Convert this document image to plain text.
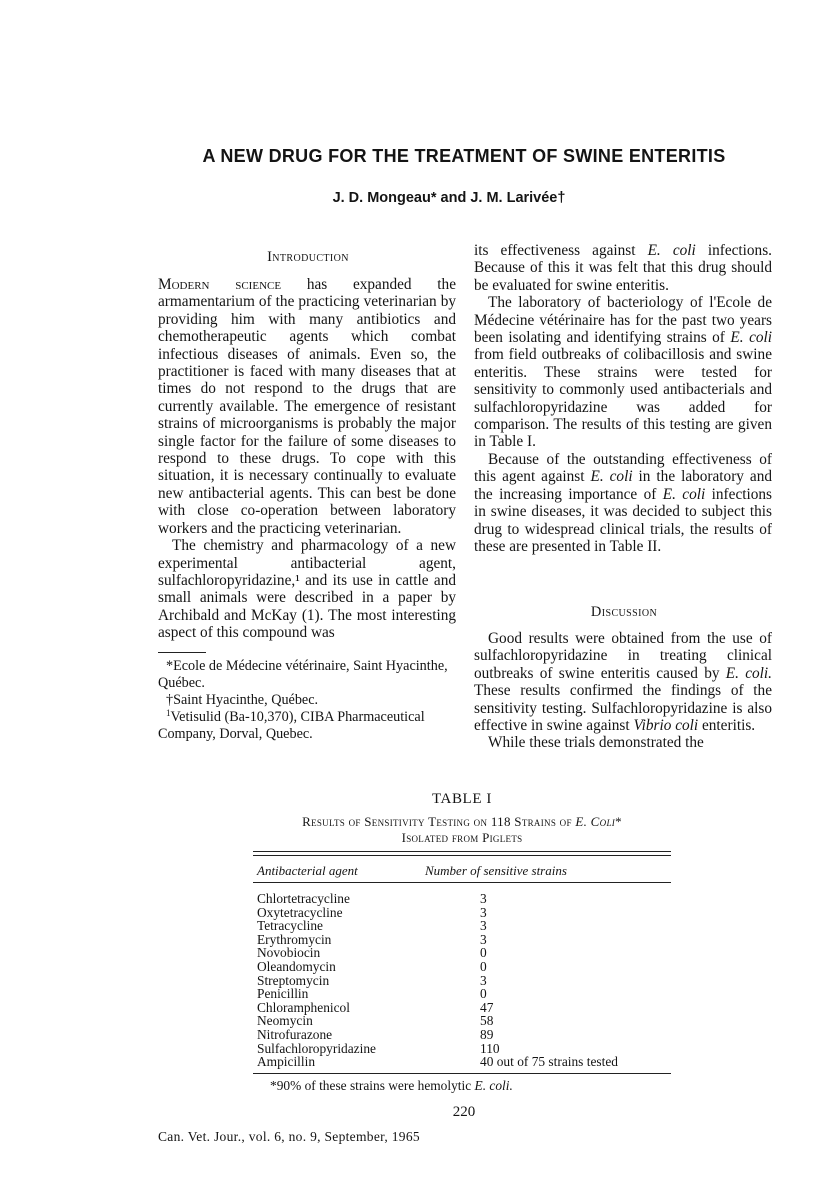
A NEW DRUG FOR THE TREATMENT OF SWINE ENTERITIS
J. D. Mongeau* and J. M. Larivée†
Introduction

Modern science has expanded the armamentarium of the practicing veterinarian by providing him with many antibiotics and chemotherapeutic agents which combat infectious diseases of animals. Even so, the practitioner is faced with many diseases that at times do not respond to the drugs that are currently available. The emergence of resistant strains of microorganisms is probably the major single factor for the failure of some diseases to respond to these drugs. To cope with this situation, it is necessary continually to evaluate new antibacterial agents. This can best be done with close co-operation between laboratory workers and the practicing veterinarian.

The chemistry and pharmacology of a new experimental antibacterial agent, sulfachloropyridazine,¹ and its use in cattle and small animals were described in a paper by Archibald and McKay (1). The most interesting aspect of this compound was

*Ecole de Médecine vétérinaire, Saint Hyacinthe, Québec.

†Saint Hyacinthe, Québec.

$^1$Vetisulid (Ba-10,370), CIBA Pharmaceutical Company, Dorval, Quebec.

its effectiveness against E. coli infections. Because of this it was felt that this drug should be evaluated for swine enteritis.

The laboratory of bacteriology of l'Ecole de Médecine vétérinaire has for the past two years been isolating and identifying strains of E. coli from field outbreaks of colibacillosis and swine enteritis. These strains were tested for sensitivity to commonly used antibacterials and sulfachloropyridazine was added for comparison. The results of this testing are given in Table I.

Because of the outstanding effectiveness of this agent against E. coli in the laboratory and the increasing importance of E. coli infections in swine diseases, it was decided to subject this drug to widespread clinical trials, the results of these are presented in Table II.

Discussion

Good results were obtained from the use of sulfachloropyridazine in treating clinical outbreaks of swine enteritis caused by E. coli. These results confirmed the findings of the sensitivity testing. Sulfachloropyridazine is also effective in swine against Vibrio coli enteritis.

While these trials demonstrated the

TABLE I
Results of Sensitivity Testing on 118 Strains of E. Coli*
Isolated from Piglets
Antibacterial agent	Number of sensitive strains
Chlortetracycline	3
Oxytetracycline	3
Tetracycline	3
Erythromycin	3
Novobiocin	0
Oleandomycin	0
Streptomycin	3
Penicillin	0
Chloramphenicol	47
Neomycin	58
Nitrofurazone	89
Sulfachloropyridazine	110
Ampicillin	40 out of 75 strains tested
*90% of these strains were hemolytic E. coli.
220
Can. Vet. Jour., vol. 6, no. 9, September, 1965
